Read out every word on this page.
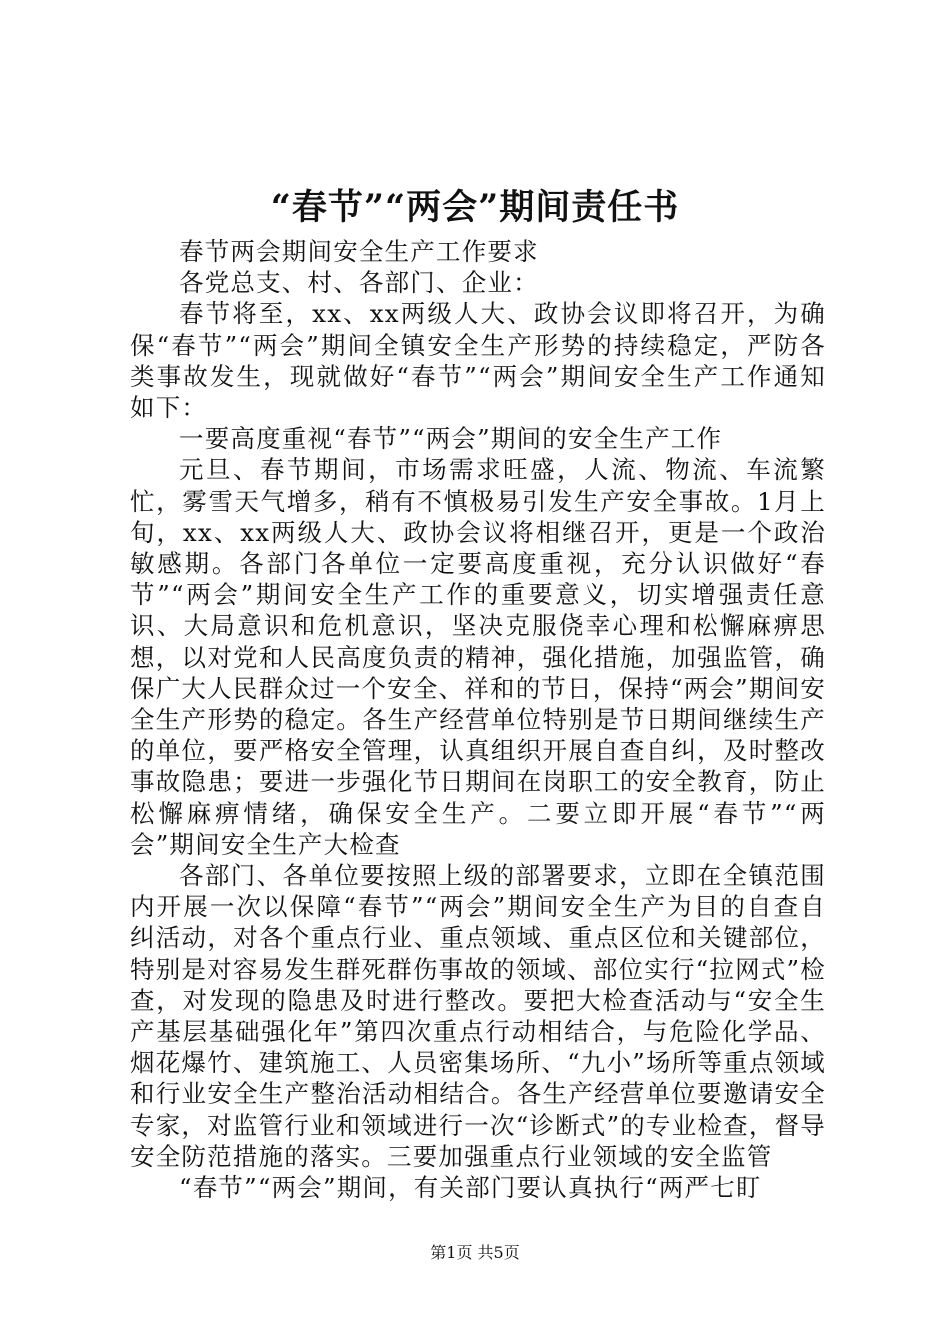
“春节”“两会”期间责任书

春节两会期间安全生产工作要求

各党总支、村、各部门、企业：

春节将至，xx、xx两级人大、政协会议即将召开，为确保“春节”“两会”期间全镇安全生产形势的持续稳定，严防各类事故发生，现就做好“春节”“两会”期间安全生产工作通知如下：

一要高度重视“春节”“两会”期间的安全生产工作

元旦、春节期间，市场需求旺盛，人流、物流、车流繁忙，雾雪天气增多，稍有不慎极易引发生产安全事故。1月上旬，xx、xx两级人大、政协会议将相继召开，更是一个政治敏感期。各部门各单位一定要高度重视，充分认识做好“春节”“两会”期间安全生产工作的重要意义，切实增强责任意识、大局意识和危机意识，坚决克服侥幸心理和松懈麻痹思想，以对党和人民高度负责的精神，强化措施，加强监管，确保广大人民群众过一个安全、祥和的节日，保持“两会”期间安全生产形势的稳定。各生产经营单位特别是节日期间继续生产的单位，要严格安全管理，认真组织开展自查自纠，及时整改事故隐患；要进一步强化节日期间在岗职工的安全教育，防止松懈麻痹情绪，确保安全生产。二要立即开展“春节”“两会”期间安全生产大检查

各部门、各单位要按照上级的部署要求，立即在全镇范围内开展一次以保障“春节”“两会”期间安全生产为目的自查自纠活动，对各个重点行业、重点领域、重点区位和关键部位，特别是对容易发生群死群伤事故的领域、部位实行“拉网式”检查，对发现的隐患及时进行整改。要把大检查活动与“安全生产基层基础强化年”第四次重点行动相结合，与危险化学品、烟花爆竹、建筑施工、人员密集场所、“九小”场所等重点领域和行业安全生产整治活动相结合。各生产经营单位要邀请安全专家，对监管行业和领域进行一次“诊断式”的专业检查，督导安全防范措施的落实。三要加强重点行业领域的安全监管

“春节”“两会”期间，有关部门要认真执行“两严七盯

第1页 共5页
